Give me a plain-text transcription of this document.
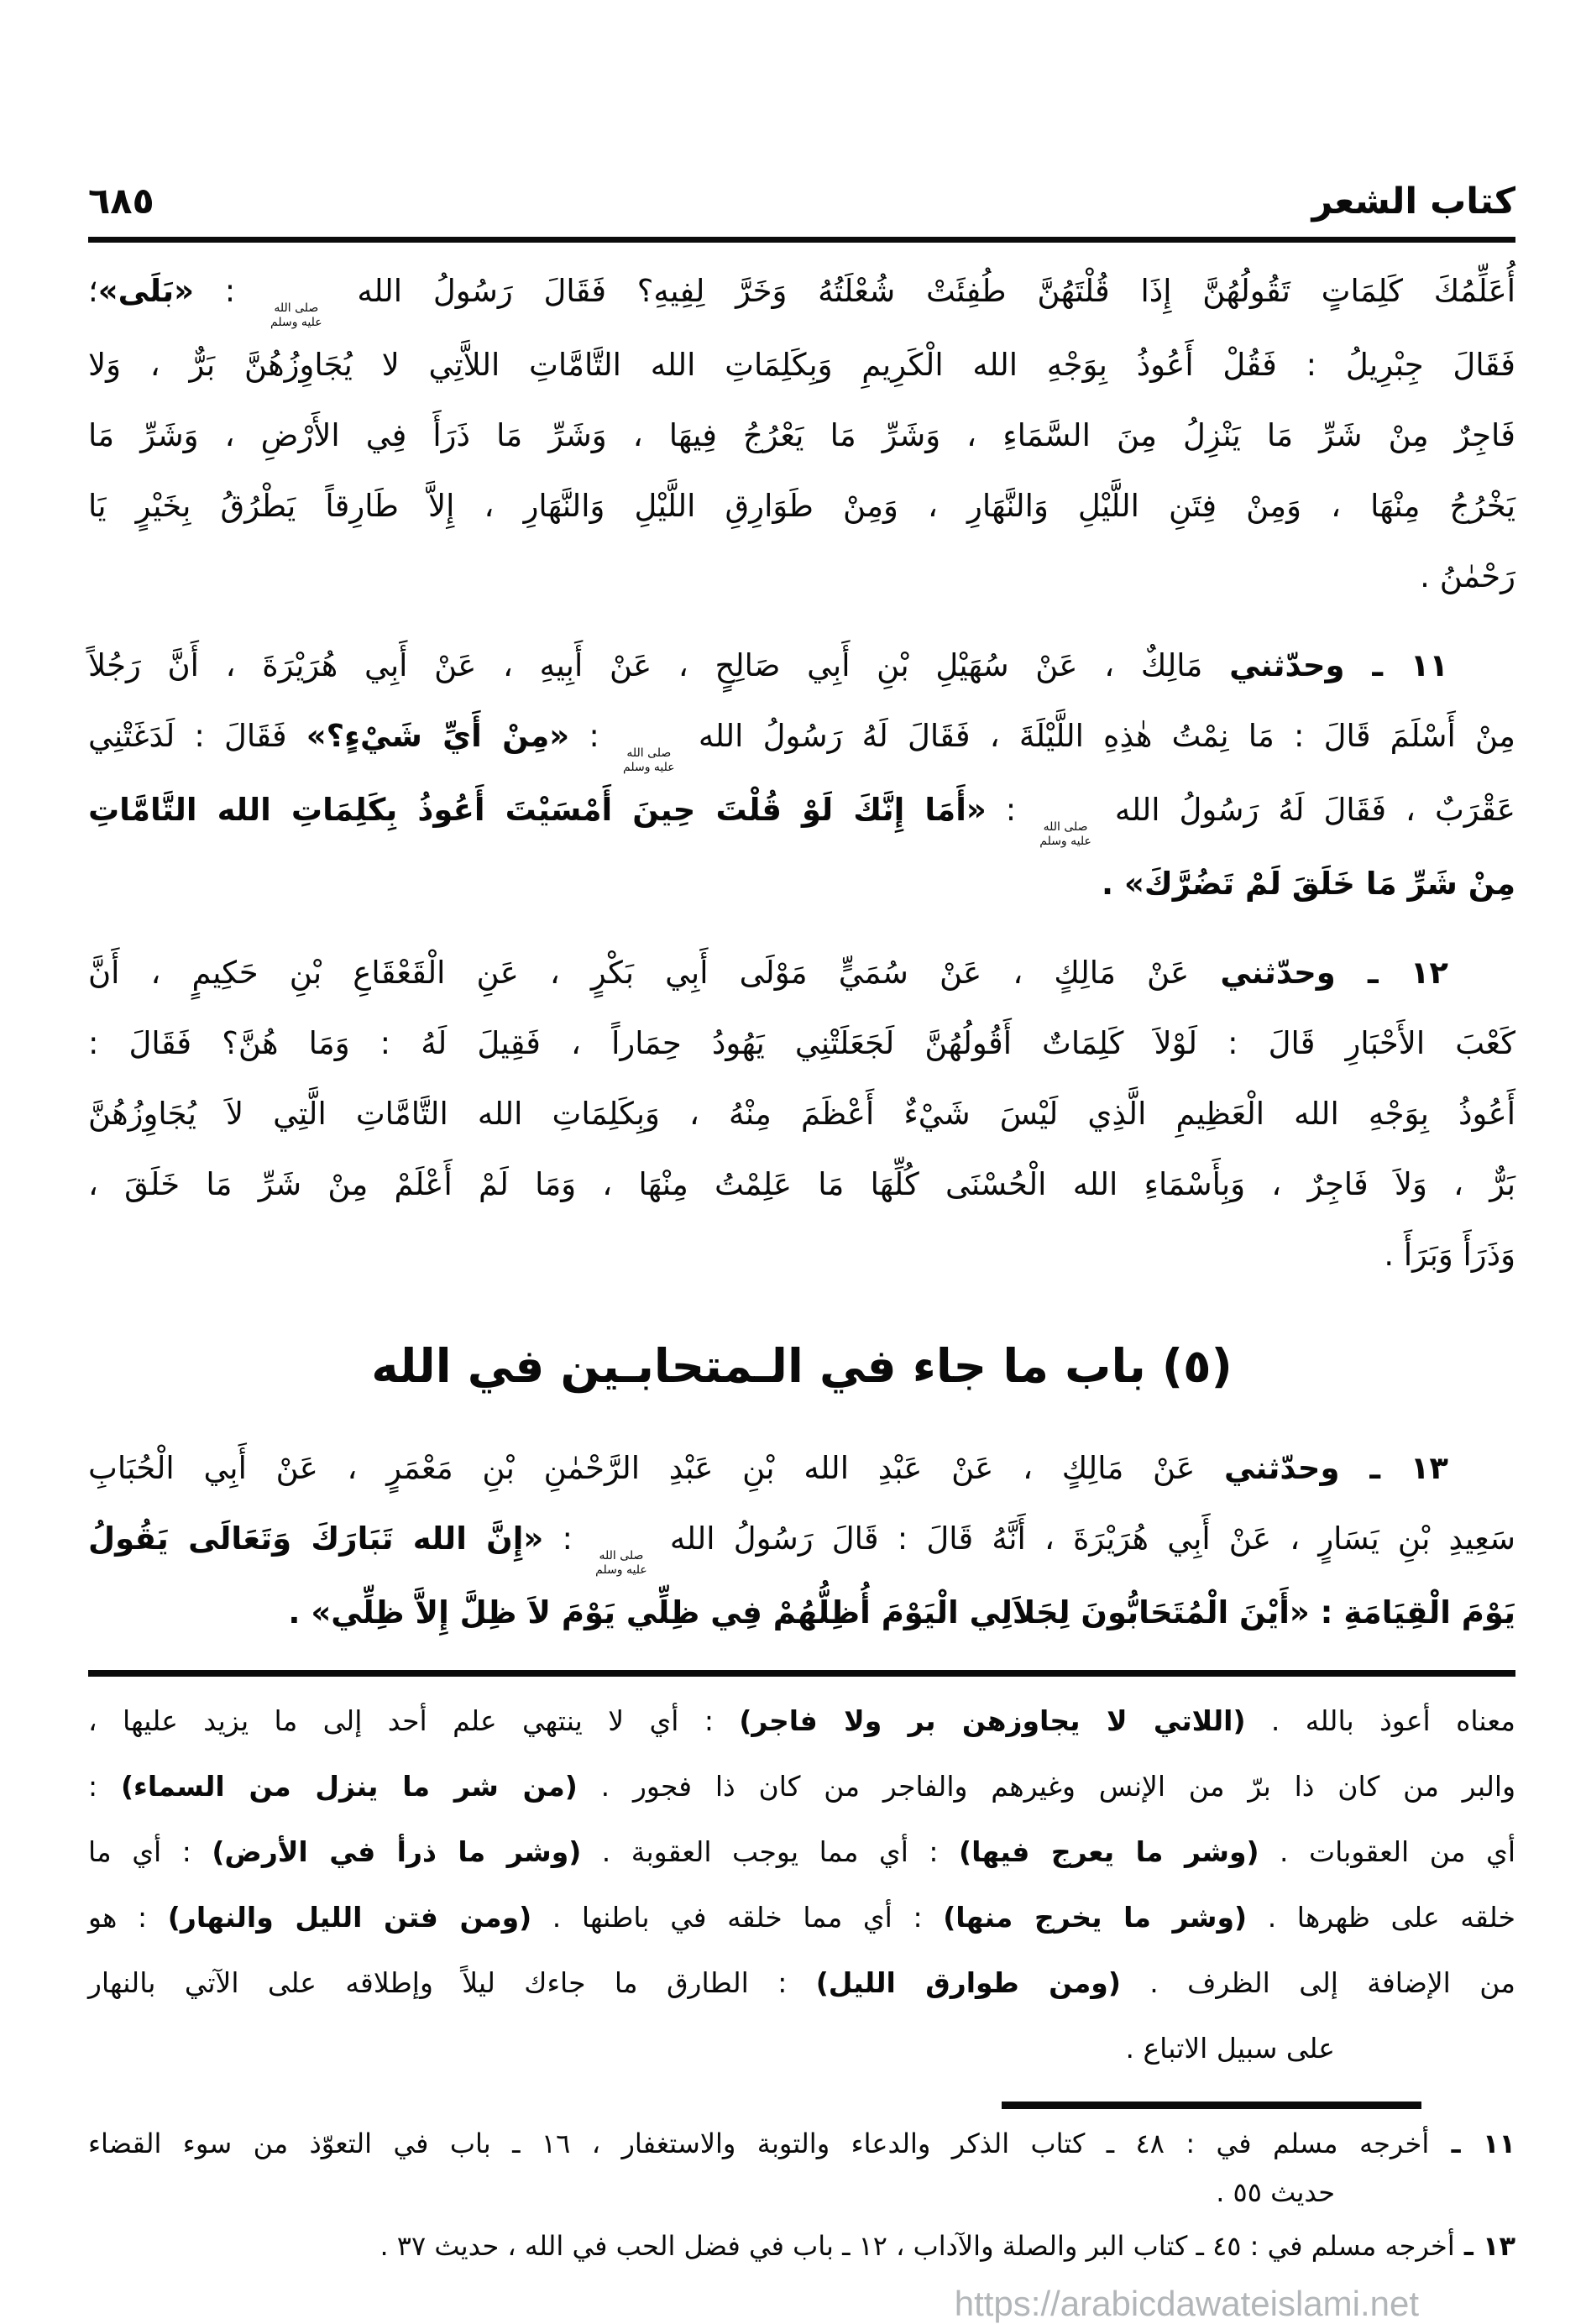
كتاب الشعر
٦٨٥
أُعَلِّمُكَ كَلِمَاتٍ تَقُولُهُنَّ إِذَا قُلْتَهُنَّ طُفِئَتْ شُعْلَتُهُ وَخَرَّ لِفِيهِ؟ فَقَالَ رَسُولُ الله
صلى الله
عليه وسلم
: «بَلَى»؛
فَقَالَ جِبْرِيلُ : فَقُلْ أَعُوذُ بِوَجْهِ الله الْكَرِيمِ وَبِكَلِمَاتِ الله التَّامَّاتِ اللاَّتِي لا يُجَاوِزُهُنَّ بَرٌّ ، وَلا
فَاجِرٌ مِنْ شَرِّ مَا يَنْزِلُ مِنَ السَّمَاءِ ، وَشَرِّ مَا يَعْرُجُ فِيهَا ، وَشَرِّ مَا ذَرَأَ فِي الأَرْضِ ، وَشَرِّ مَا
يَخْرُجُ مِنْهَا ، وَمِنْ فِتَنِ اللَّيْلِ وَالنَّهَارِ ، وَمِنْ طَوَارِقِ اللَّيْلِ وَالنَّهَارِ ، إِلاَّ طَارِقاً يَطْرُقُ بِخَيْرٍ يَا
رَحْمٰنُ .
١١ ـ وحدّثني مَالِكٌ ، عَنْ سُهَيْلِ بْنِ أَبِي صَالِحٍ ، عَنْ أَبِيهِ ، عَنْ أَبِي هُرَيْرَةَ ، أَنَّ رَجُلاً
مِنْ أَسْلَمَ قَالَ : مَا نِمْتُ هٰذِهِ اللَّيْلَةَ ، فَقَالَ لَهُ رَسُولُ الله
صلى الله
عليه وسلم
: «مِنْ أَيِّ شَيْءٍ؟» فَقَالَ : لَدَغَتْنِي
عَقْرَبٌ ، فَقَالَ لَهُ رَسُولُ الله
صلى الله
عليه وسلم
: «أَمَا إِنَّكَ لَوْ قُلْتَ حِينَ أَمْسَيْتَ أَعُوذُ بِكَلِمَاتِ الله التَّامَّاتِ
مِنْ شَرِّ مَا خَلَقَ لَمْ تَضُرَّكَ» .
١٢ ـ وحدّثني عَنْ مَالِكٍ ، عَنْ سُمَيٍّ مَوْلَى أَبِي بَكْرٍ ، عَنِ الْقَعْقَاعِ بْنِ حَكِيمٍ ، أَنَّ
كَعْبَ الأَحْبَارِ قَالَ : لَوْلاَ كَلِمَاتٌ أَقُولُهُنَّ لَجَعَلَتْنِي يَهُودُ حِمَاراً ، فَقِيلَ لَهُ : وَمَا هُنَّ؟ فَقَالَ :
أَعُوذُ بِوَجْهِ الله الْعَظِيمِ الَّذِي لَيْسَ شَيْءٌ أَعْظَمَ مِنْهُ ، وَبِكَلِمَاتِ الله التَّامَّاتِ الَّتِي لاَ يُجَاوِزُهُنَّ
بَرٌّ ، وَلاَ فَاجِرٌ ، وَبِأَسْمَاءِ الله الْحُسْنَى كُلِّهَا مَا عَلِمْتُ مِنْهَا ، وَمَا لَمْ أَعْلَمْ مِنْ شَرِّ مَا خَلَقَ ،
وَذَرَأَ وَبَرَأَ .
(٥) باب ما جاء في الـمتحابـين في الله
١٣ ـ وحدّثني عَنْ مَالِكٍ ، عَنْ عَبْدِ الله بْنِ عَبْدِ الرَّحْمٰنِ بْنِ مَعْمَرٍ ، عَنْ أَبِي الْحُبَابِ
سَعِيدِ بْنِ يَسَارٍ ، عَنْ أَبِي هُرَيْرَةَ ، أَنَّهُ قَالَ : قَالَ رَسُولُ الله
صلى الله
عليه وسلم
: «إِنَّ الله تَبَارَكَ وَتَعَالَى يَقُولُ
يَوْمَ الْقِيَامَةِ : «أَيْنَ الْمُتَحَابُّونَ لِجَلاَلِي الْيَوْمَ أُظِلُّهُمْ فِي ظِلِّي يَوْمَ لاَ ظِلَّ إِلاَّ ظِلِّي» .
معناه أعوذ بالله . (اللاتي لا يجاوزهن بر ولا فاجر) : أي لا ينتهي علم أحد إلى ما يزيد عليها ،
والبر من كان ذا برّ من الإنس وغيرهم والفاجر من كان ذا فجور . (من شر ما ينزل من السماء) :
أي من العقوبات . (وشر ما يعرج فيها) : أي مما يوجب العقوبة . (وشر ما ذرأ في الأرض) : أي ما
خلقه على ظهرها . (وشر ما يخرج منها) : أي مما خلقه في باطنها . (ومن فتن الليل والنهار) : هو
من الإضافة إلى الظرف . (ومن طوارق الليل) : الطارق ما جاءك ليلاً وإطلاقه على الآتي بالنهار
على سبيل الاتباع .
١١ ـ أخرجه مسلم في : ٤٨ ـ كتاب الذكر والدعاء والتوبة والاستغفار ، ١٦ ـ باب في التعوّذ من سوء القضاء
حديث ٥٥ .
١٣ ـ أخرجه مسلم في : ٤٥ ـ كتاب البر والصلة والآداب ، ١٢ ـ باب في فضل الحب في الله ، حديث ٣٧ .
https://arabicdawateislami.net
